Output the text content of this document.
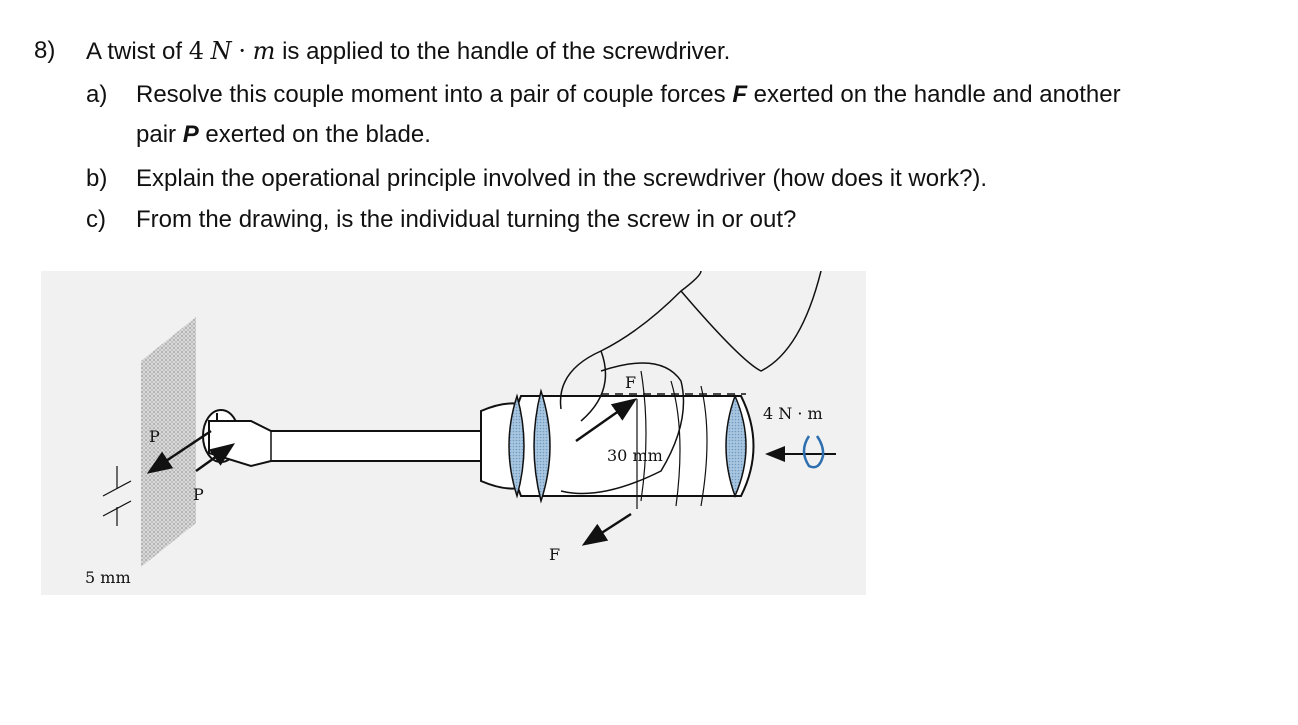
8) A twist of 4 N · m is applied to the handle of the screwdriver.
a) Resolve this couple moment into a pair of couple forces F exerted on the handle and another
pair P exerted on the blade.
b) Explain the operational principle involved in the screwdriver (how does it work?).
c) From the drawing, is the individual turning the screw in or out?
P
P
F
F
30 mm
5 mm
4 N · m
